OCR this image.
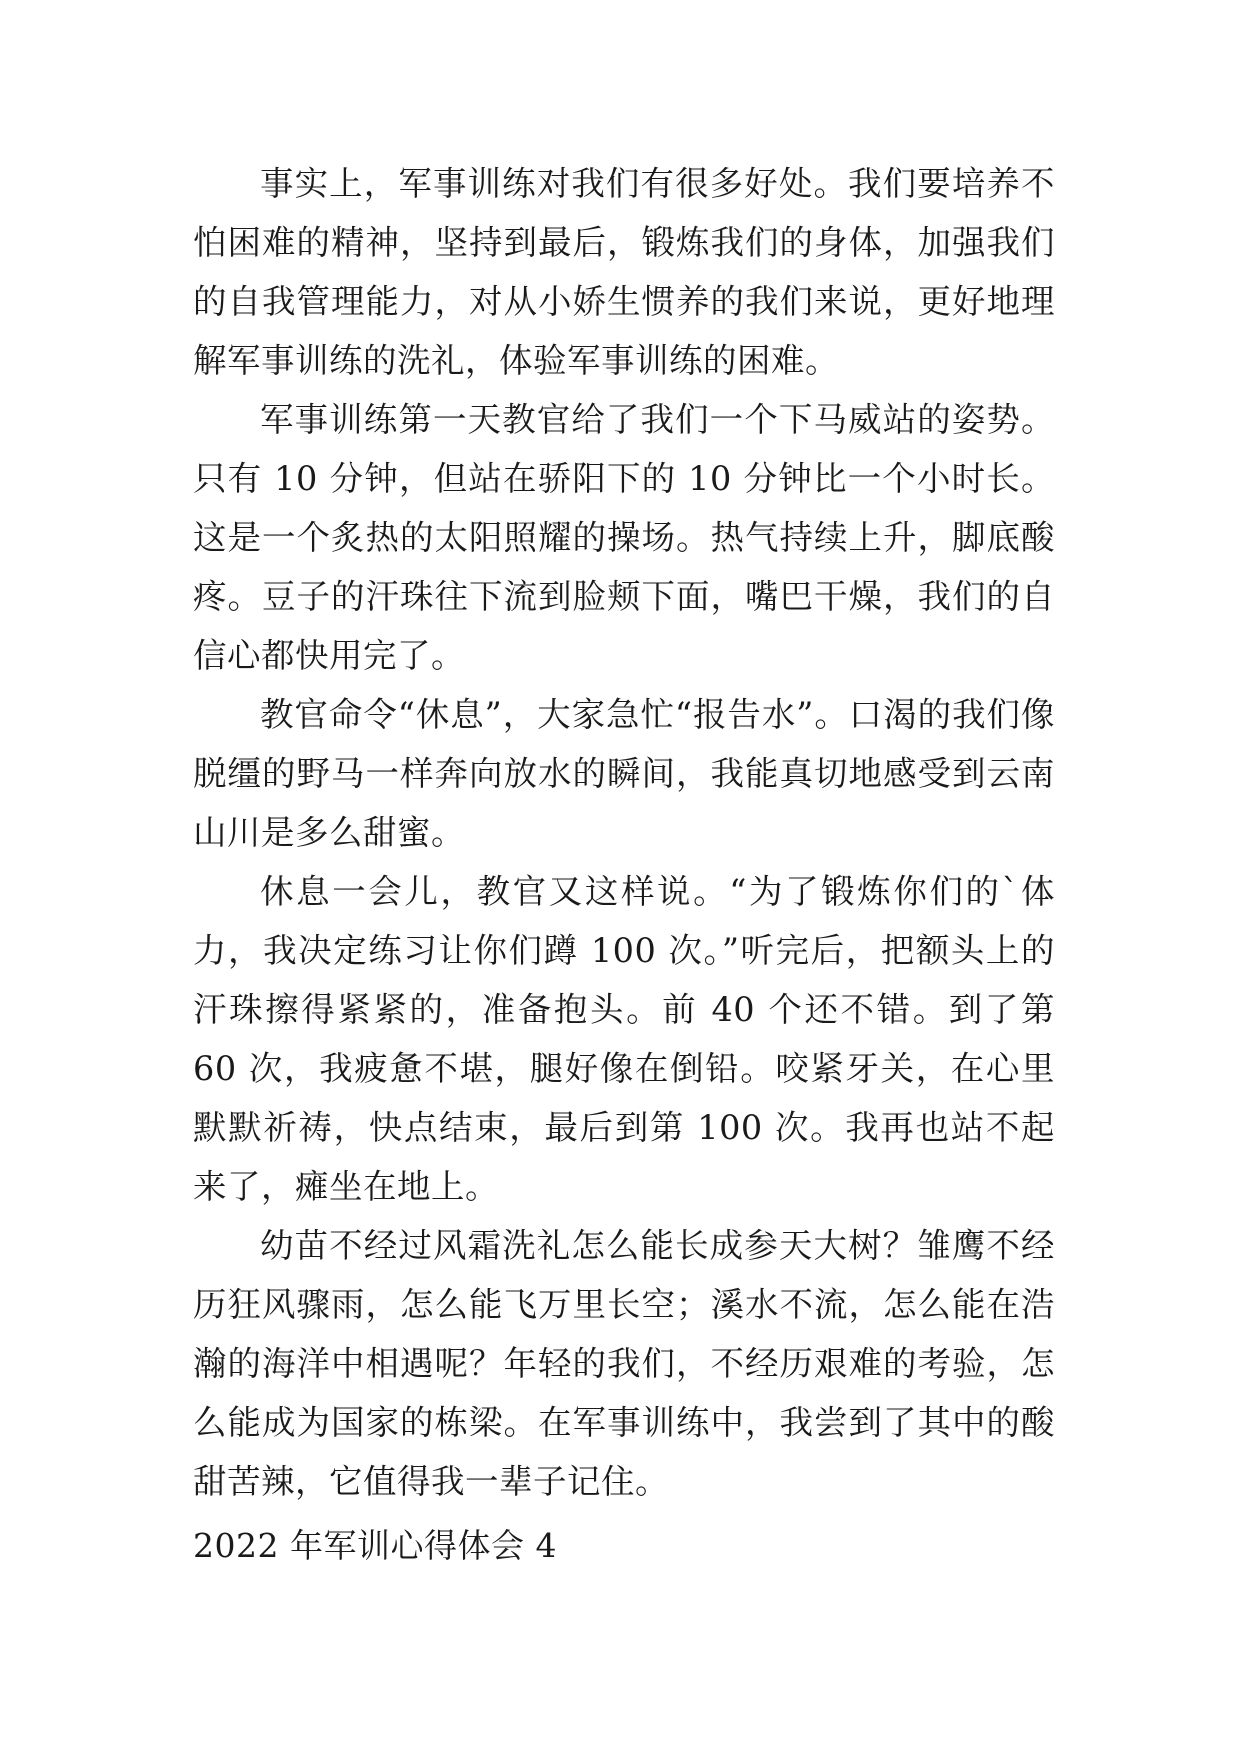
事实上，军事训练对我们有很多好处。我们要培养不怕困难的精神，坚持到最后，锻炼我们的身体，加强我们的自我管理能力，对从小娇生惯养的我们来说，更好地理解军事训练的洗礼，体验军事训练的困难。

军事训练第一天教官给了我们一个下马威站的姿势。只有 10 分钟，但站在骄阳下的 10 分钟比一个小时长。这是一个炙热的太阳照耀的操场。热气持续上升，脚底酸疼。豆子的汗珠往下流到脸颊下面，嘴巴干燥，我们的自信心都快用完了。

教官命令“休息”，大家急忙“报告水”。口渴的我们像脱缰的野马一样奔向放水的瞬间，我能真切地感受到云南山川是多么甜蜜。

休息一会儿，教官又这样说。“为了锻炼你们的`体力，我决定练习让你们蹲 100 次。”听完后，把额头上的汗珠擦得紧紧的，准备抱头。前 40 个还不错。到了第 60 次，我疲惫不堪，腿好像在倒铅。咬紧牙关，在心里默默祈祷，快点结束，最后到第 100 次。我再也站不起来了，瘫坐在地上。

幼苗不经过风霜洗礼怎么能长成参天大树？雏鹰不经历狂风骤雨，怎么能飞万里长空；溪水不流，怎么能在浩瀚的海洋中相遇呢？年轻的我们，不经历艰难的考验，怎么能成为国家的栋梁。在军事训练中，我尝到了其中的酸甜苦辣，它值得我一辈子记住。

2022 年军训心得体会 4
